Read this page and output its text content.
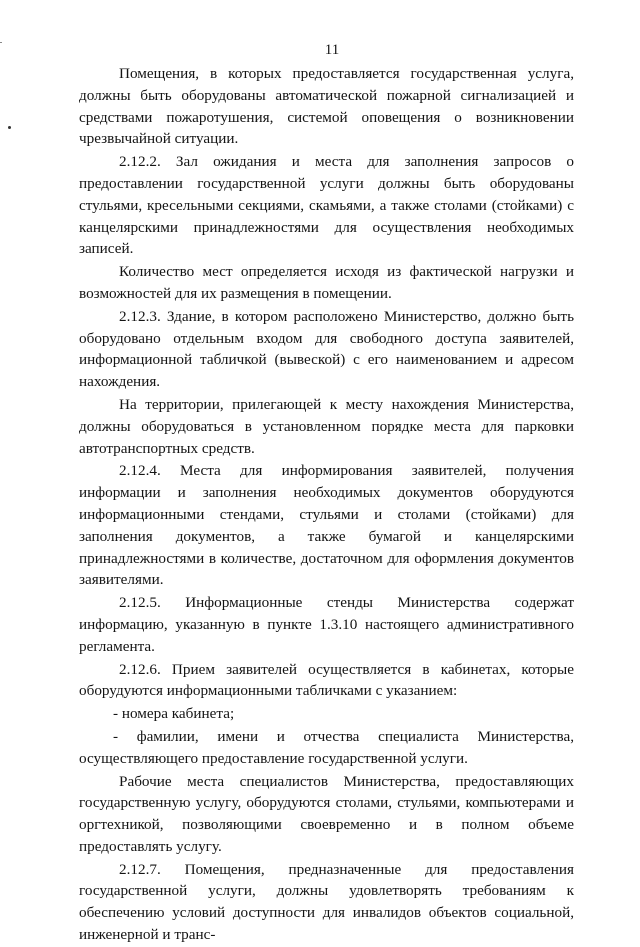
11

Помещения, в которых предоставляется государственная услуга, должны быть оборудованы автоматической пожарной сигнализацией и средствами пожаротушения, системой оповещения о возникновении чрезвычайной ситуации.

2.12.2. Зал ожидания и места для заполнения запросов о предоставлении государственной услуги должны быть оборудованы стульями, кресельными секциями, скамьями, а также столами (стойками) с канцелярскими принадлежностями для осуществления необходимых записей.

Количество мест определяется исходя из фактической нагрузки и возможностей для их размещения в помещении.

2.12.3. Здание, в котором расположено Министерство, должно быть оборудовано отдельным входом для свободного доступа заявителей, информационной табличкой (вывеской) с его наименованием и адресом нахождения.

На территории, прилегающей к месту нахождения Министерства, должны оборудоваться в установленном порядке места для парковки автотранспортных средств.

2.12.4. Места для информирования заявителей, получения информации и заполнения необходимых документов оборудуются информационными стендами, стульями и столами (стойками) для заполнения документов, а также бумагой и канцелярскими принадлежностями в количестве, достаточном для оформления документов заявителями.

2.12.5. Информационные стенды Министерства содержат информацию, указанную в пункте 1.3.10 настоящего административного регламента.

2.12.6. Прием заявителей осуществляется в кабинетах, которые оборудуются информационными табличками с указанием:

- номера кабинета;

- фамилии, имени и отчества специалиста Министерства, осуществляющего предоставление государственной услуги.

Рабочие места специалистов Министерства, предоставляющих государственную услугу, оборудуются столами, стульями, компьютерами и оргтехникой, позволяющими своевременно и в полном объеме предоставлять услугу.

2.12.7. Помещения, предназначенные для предоставления государственной услуги, должны удовлетворять требованиям к обеспечению условий доступности для инвалидов объектов социальной, инженерной и транс-
